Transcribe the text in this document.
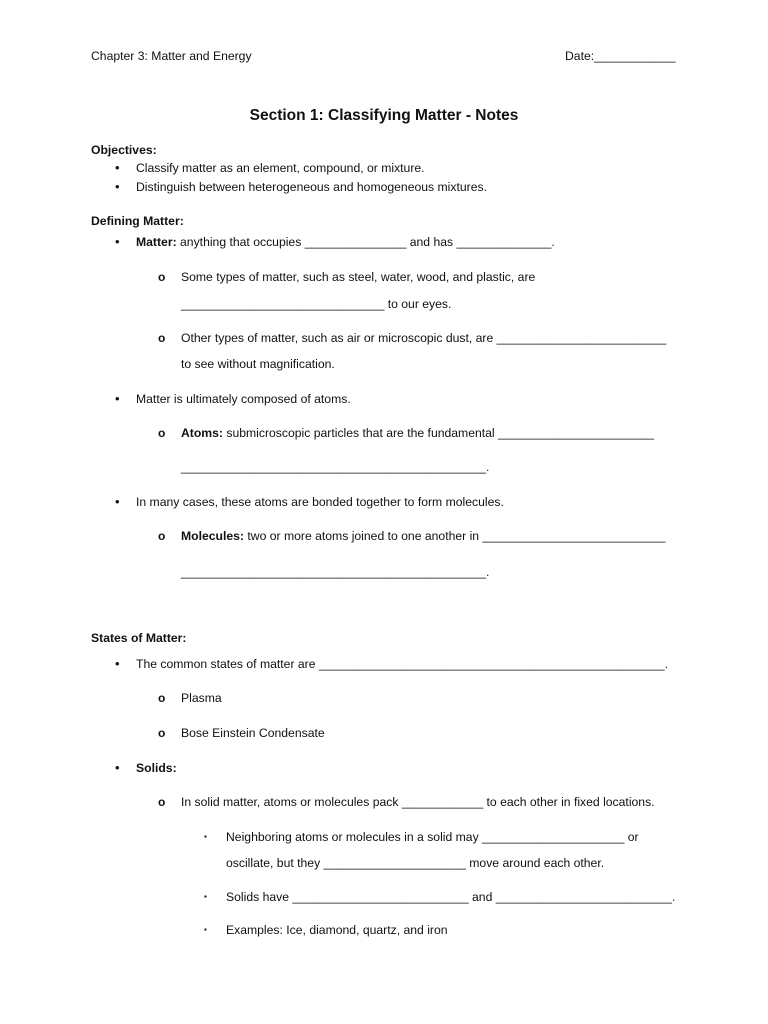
Chapter 3: Matter and Energy	Date:____________
Section 1: Classifying Matter - Notes
Objectives:
• Classify matter as an element, compound, or mixture.
• Distinguish between heterogeneous and homogeneous mixtures.
Defining Matter:
• Matter: anything that occupies _______________ and has ______________.
o Some types of matter, such as steel, water, wood, and plastic, are
______________________________ to our eyes.
o Other types of matter, such as air or microscopic dust, are _________________________
to see without magnification.
• Matter is ultimately composed of atoms.
o Atoms: submicroscopic particles that are the fundamental _______________________
_____________________________________________.
• In many cases, these atoms are bonded together to form molecules.
o Molecules: two or more atoms joined to one another in ___________________________
_____________________________________________.
States of Matter:
• The common states of matter are ___________________________________________________.
o Plasma
o Bose Einstein Condensate
• Solids:
o In solid matter, atoms or molecules pack ____________ to each other in fixed locations.
▪ Neighboring atoms or molecules in a solid may _____________________ or
oscillate, but they _____________________ move around each other.
▪ Solids have __________________________ and __________________________.
▪ Examples: Ice, diamond, quartz, and iron
